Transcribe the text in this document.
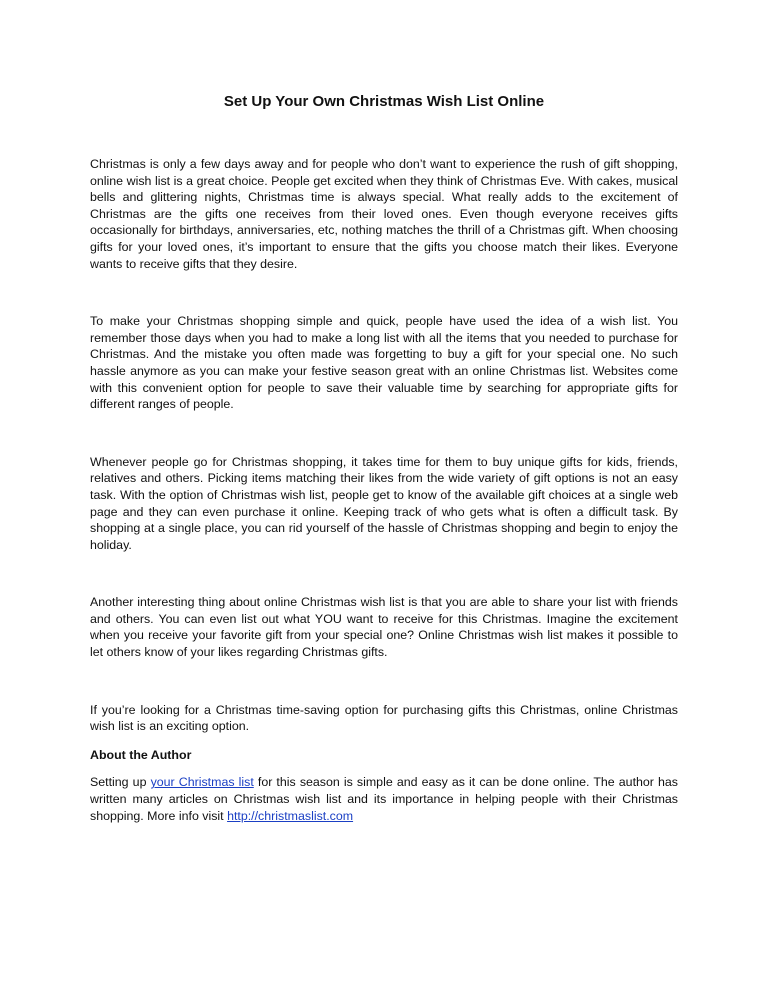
Set Up Your Own Christmas Wish List Online

Christmas is only a few days away and for people who don’t want to experience the rush of gift shopping, online wish list is a great choice. People get excited when they think of Christmas Eve. With cakes, musical bells and glittering nights, Christmas time is always special. What really adds to the excitement of Christmas are the gifts one receives from their loved ones. Even though everyone receives gifts occasionally for birthdays, anniversaries, etc, nothing matches the thrill of a Christmas gift. When choosing gifts for your loved ones, it’s important to ensure that the gifts you choose match their likes. Everyone wants to receive gifts that they desire.

To make your Christmas shopping simple and quick, people have used the idea of a wish list. You remember those days when you had to make a long list with all the items that you needed to purchase for Christmas. And the mistake you often made was forgetting to buy a gift for your special one. No such hassle anymore as you can make your festive season great with an online Christmas list. Websites come with this convenient option for people to save their valuable time by searching for appropriate gifts for different ranges of people.

Whenever people go for Christmas shopping, it takes time for them to buy unique gifts for kids, friends, relatives and others. Picking items matching their likes from the wide variety of gift options is not an easy task. With the option of Christmas wish list, people get to know of the available gift choices at a single web page and they can even purchase it online. Keeping track of who gets what is often a difficult task. By shopping at a single place, you can rid yourself of the hassle of Christmas shopping and begin to enjoy the holiday.

Another interesting thing about online Christmas wish list is that you are able to share your list with friends and others. You can even list out what YOU want to receive for this Christmas. Imagine the excitement when you receive your favorite gift from your special one? Online Christmas wish list makes it possible to let others know of your likes regarding Christmas gifts.

If you’re looking for a Christmas time-saving option for purchasing gifts this Christmas, online Christmas wish list is an exciting option.

About the Author

Setting up your Christmas list for this season is simple and easy as it can be done online. The author has written many articles on Christmas wish list and its importance in helping people with their Christmas shopping. More info visit http://christmaslist.com
